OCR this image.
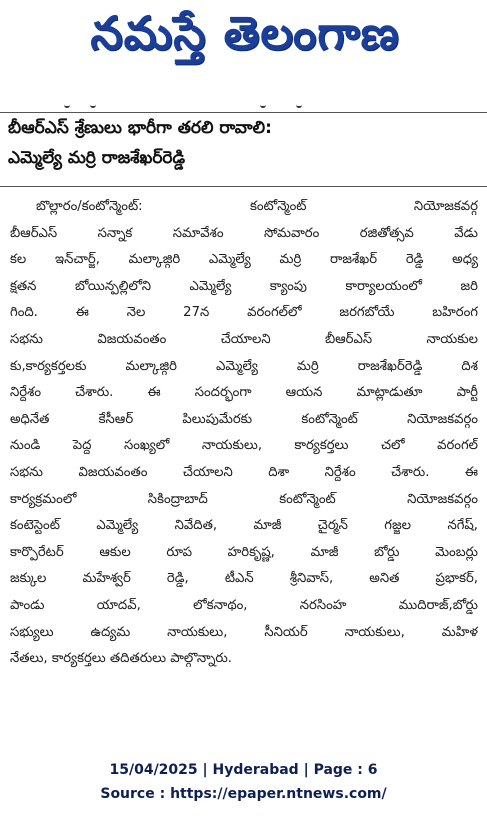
నమస్తే తెలంగాణ
బీఆర్ఎస్ శ్రేణులు భారీగా తరలి రావాలి:
ఎమ్మెల్యే మర్రి రాజశేఖర్‌రెడ్డి
బొల్లారం/కంటోన్మెంట్: కంటోన్మెంట్ నియోజకవర్గ
బీఆర్ఎస్ సన్నాక సమావేశం సోమవారం రజితోత్సవ వేడు
కల ఇన్‌చార్జ్, మల్కాజ్గిరి ఎమ్మెల్యే మర్రి రాజశేఖర్ రెడ్డి అధ్య
క్షతన బోయిన్పల్లిలోని ఎమ్మెల్యే క్యాంపు కార్యాలయంలో జరి
గింది. ఈ నెల 27న వరంగల్‌లో జరగబోయే బహిరంగ
సభను విజయవంతం చేయాలని బీఆర్ఎస్ నాయకుల
కు,కార్యకర్తలకు మల్కాజ్గిరి ఎమ్మెల్యే మర్రి రాజశేఖర్‌రెడ్డి దిశ
నిర్దేశం చేశారు. ఈ సందర్భంగా ఆయన మాట్లాడుతూ పార్టీ
అధినేత కేసీఆర్ పిలుపుమేరకు కంటోన్మెంట్ నియోజకవర్గం
నుండి పెద్ద సంఖ్యలో నాయకులు, కార్యకర్తలు చలో వరంగల్
సభను విజయవంతం చేయాలని దిశా నిర్దేశం చేశారు. ఈ
కార్యక్రమంలో సికింద్రాబాద్ కంటోన్మెంట్ నియోజకవర్గం
కంటెస్టెంట్ ఎమ్మెల్యే నివేదిత, మాజీ చైర్మన్ గజ్జల నగేష్,
కార్పొరేటర్ ఆకుల రూప హరికృష్ణ, మాజీ బోర్డు మెంబర్లు
జక్కుల మహేశ్వర్ రెడ్డి, టీఎన్ శ్రీనివాస్, అనిత ప్రభాకర్,
పాండు యాదవ్, లోకనాథం, నరసింహ ముదిరాజ్,బోర్డు
సభ్యులు ఉద్యమ నాయకులు, సీనియర్ నాయకులు, మహిళ
నేతలు, కార్యకర్తలు తదితరులు పాల్గొన్నారు.
15/04/2025 | Hyderabad | Page : 6
Source : https://epaper.ntnews.com/
